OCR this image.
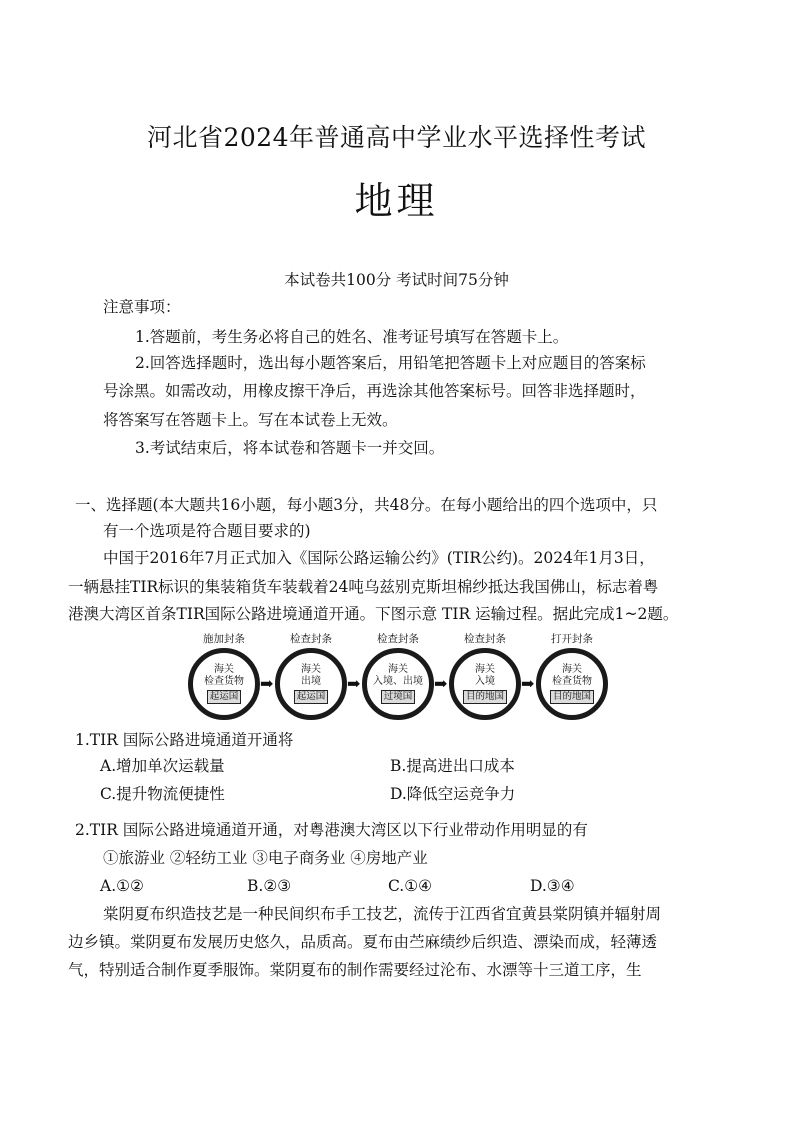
河北省2024年普通高中学业水平选择性考试
地理
本试卷共100分 考试时间75分钟
注意事项：
1.答题前，考生务必将自己的姓名、准考证号填写在答题卡上。
2.回答选择题时，选出每小题答案后，用铅笔把答题卡上对应题目的答案标
号涂黑。如需改动，用橡皮擦干净后，再选涂其他答案标号。回答非选择题时，
将答案写在答题卡上。写在本试卷上无效。
3.考试结束后，将本试卷和答题卡一并交回。
一、选择题(本大题共16小题，每小题3分，共48分。在每小题给出的四个选项中，只
有一个选项是符合题目要求的)
中国于2016年7月正式加入《国际公路运输公约》(TIR公约)。2024年1月3日，
一辆悬挂TIR标识的集装箱货车装载着24吨乌兹别克斯坦棉纱抵达我国佛山，标志着粤
港澳大湾区首条TIR国际公路进境通道开通。下图示意 TIR 运输过程。据此完成1~2题。
施加封条
海关
检查货物
起运国
➡
检查封条
海关
出境
起运国
➡
检查封条
海关
入境、出境
过境国
➡
检查封条
海关
入境
目的地国
➡
打开封条
海关
检查货物
目的地国
1.TIR 国际公路进境通道开通将
A.增加单次运载量	B.提高进出口成本
C.提升物流便捷性	D.降低空运竞争力
2.TIR 国际公路进境通道开通，对粤港澳大湾区以下行业带动作用明显的有
①旅游业 ②轻纺工业 ③电子商务业 ④房地产业
A.①②	B.②③	C.①④	D.③④
棠阴夏布织造技艺是一种民间织布手工技艺，流传于江西省宜黄县棠阴镇并辐射周
边乡镇。棠阴夏布发展历史悠久，品质高。夏布由苎麻绩纱后织造、漂染而成，轻薄透
气，特别适合制作夏季服饰。棠阴夏布的制作需要经过沦布、水漂等十三道工序，生
